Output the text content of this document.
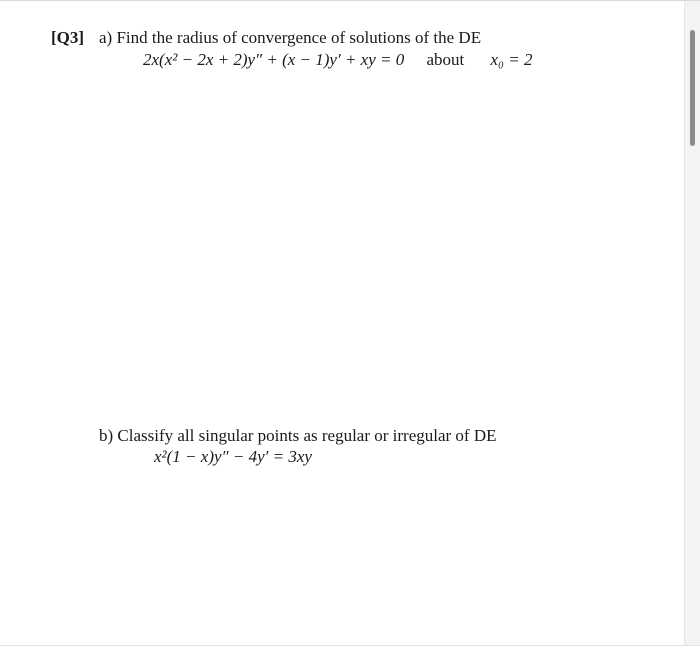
[Q3] a) Find the radius of convergence of solutions of the DE
2x(x² − 2x + 2)y″ + (x − 1)y′ + xy = 0 about x₀ = 2
b) Classify all singular points as regular or irregular of DE
x²(1 − x)y″ − 4y′ = 3xy
